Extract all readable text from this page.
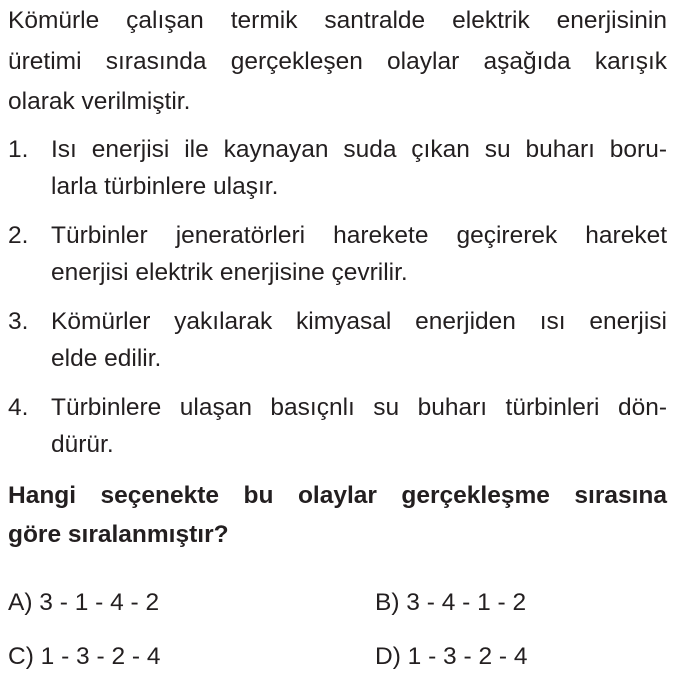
Kömürle çalışan termik santralde elektrik enerjisinin
üretimi sırasında gerçekleşen olaylar aşağıda karışık
olarak verilmiştir.
1. Isı enerjisi ile kaynayan suda çıkan su buharı boru-
larla türbinlere ulaşır.
2. Türbinler jeneratörleri harekete geçirerek hareket
enerjisi elektrik enerjisine çevrilir.
3. Kömürler yakılarak kimyasal enerjiden ısı enerjisi
elde edilir.
4. Türbinlere ulaşan basıçnlı su buharı türbinleri dön-
dürür.
Hangi seçenekte bu olaylar gerçekleşme sırasına
göre sıralanmıştır?
A) 3 - 1 - 4 - 2	B) 3 - 4 - 1 - 2
C) 1 - 3 - 2 - 4	D) 1 - 3 - 2 - 4
